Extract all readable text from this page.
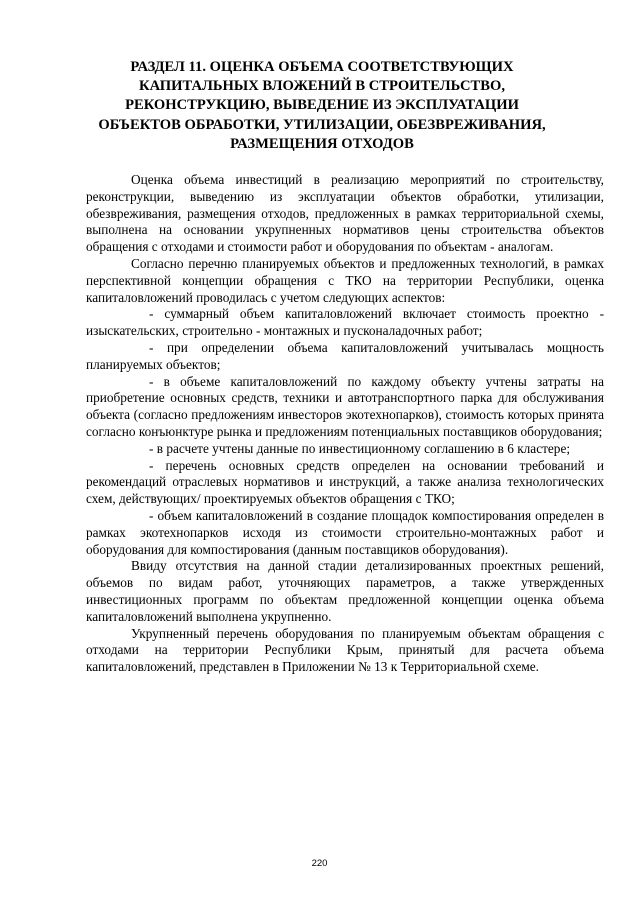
РАЗДЕЛ 11. ОЦЕНКА ОБЪЕМА СООТВЕТСТВУЮЩИХ КАПИТАЛЬНЫХ ВЛОЖЕНИЙ В СТРОИТЕЛЬСТВО, РЕКОНСТРУКЦИЮ, ВЫВЕДЕНИЕ ИЗ ЭКСПЛУАТАЦИИ ОБЪЕКТОВ ОБРАБОТКИ, УТИЛИЗАЦИИ, ОБЕЗВРЕЖИВАНИЯ, РАЗМЕЩЕНИЯ ОТХОДОВ

Оценка объема инвестиций в реализацию мероприятий по строительству, реконструкции, выведению из эксплуатации объектов обработки, утилизации, обезвреживания, размещения отходов, предложенных в рамках территориальной схемы, выполнена на основании укрупненных нормативов цены строительства объектов обращения с отходами и стоимости работ и оборудования по объектам - аналогам.

Согласно перечню планируемых объектов и предложенных технологий, в рамках перспективной концепции обращения с ТКО на территории Республики, оценка капиталовложений проводилась с учетом следующих аспектов:

- суммарный объем капиталовложений включает стоимость проектно - изыскательских, строительно - монтажных и пусконаладочных работ;

- при определении объема капиталовложений учитывалась мощность планируемых объектов;

- в объеме капиталовложений по каждому объекту учтены затраты на приобретение основных средств, техники и автотранспортного парка для обслуживания объекта (согласно предложениям инвесторов экотехнопарков), стоимость которых принята согласно конъюнктуре рынка и предложениям потенциальных поставщиков оборудования;

- в расчете учтены данные по инвестиционному соглашению в 6 кластере;

- перечень основных средств определен на основании требований и рекомендаций отраслевых нормативов и инструкций, а также анализа технологических схем, действующих/ проектируемых объектов обращения с ТКО;

- объем капиталовложений в создание площадок компостирования определен в рамках экотехнопарков исходя из стоимости строительно-монтажных работ и оборудования для компостирования (данным поставщиков оборудования).

Ввиду отсутствия на данной стадии детализированных проектных решений, объемов по видам работ, уточняющих параметров, а также утвержденных инвестиционных программ по объектам предложенной концепции оценка объема капиталовложений выполнена укрупненно.

Укрупненный перечень оборудования по планируемым объектам обращения с отходами на территории Республики Крым, принятый для расчета объема капиталовложений, представлен в Приложении № 13 к Территориальной схеме.

220
